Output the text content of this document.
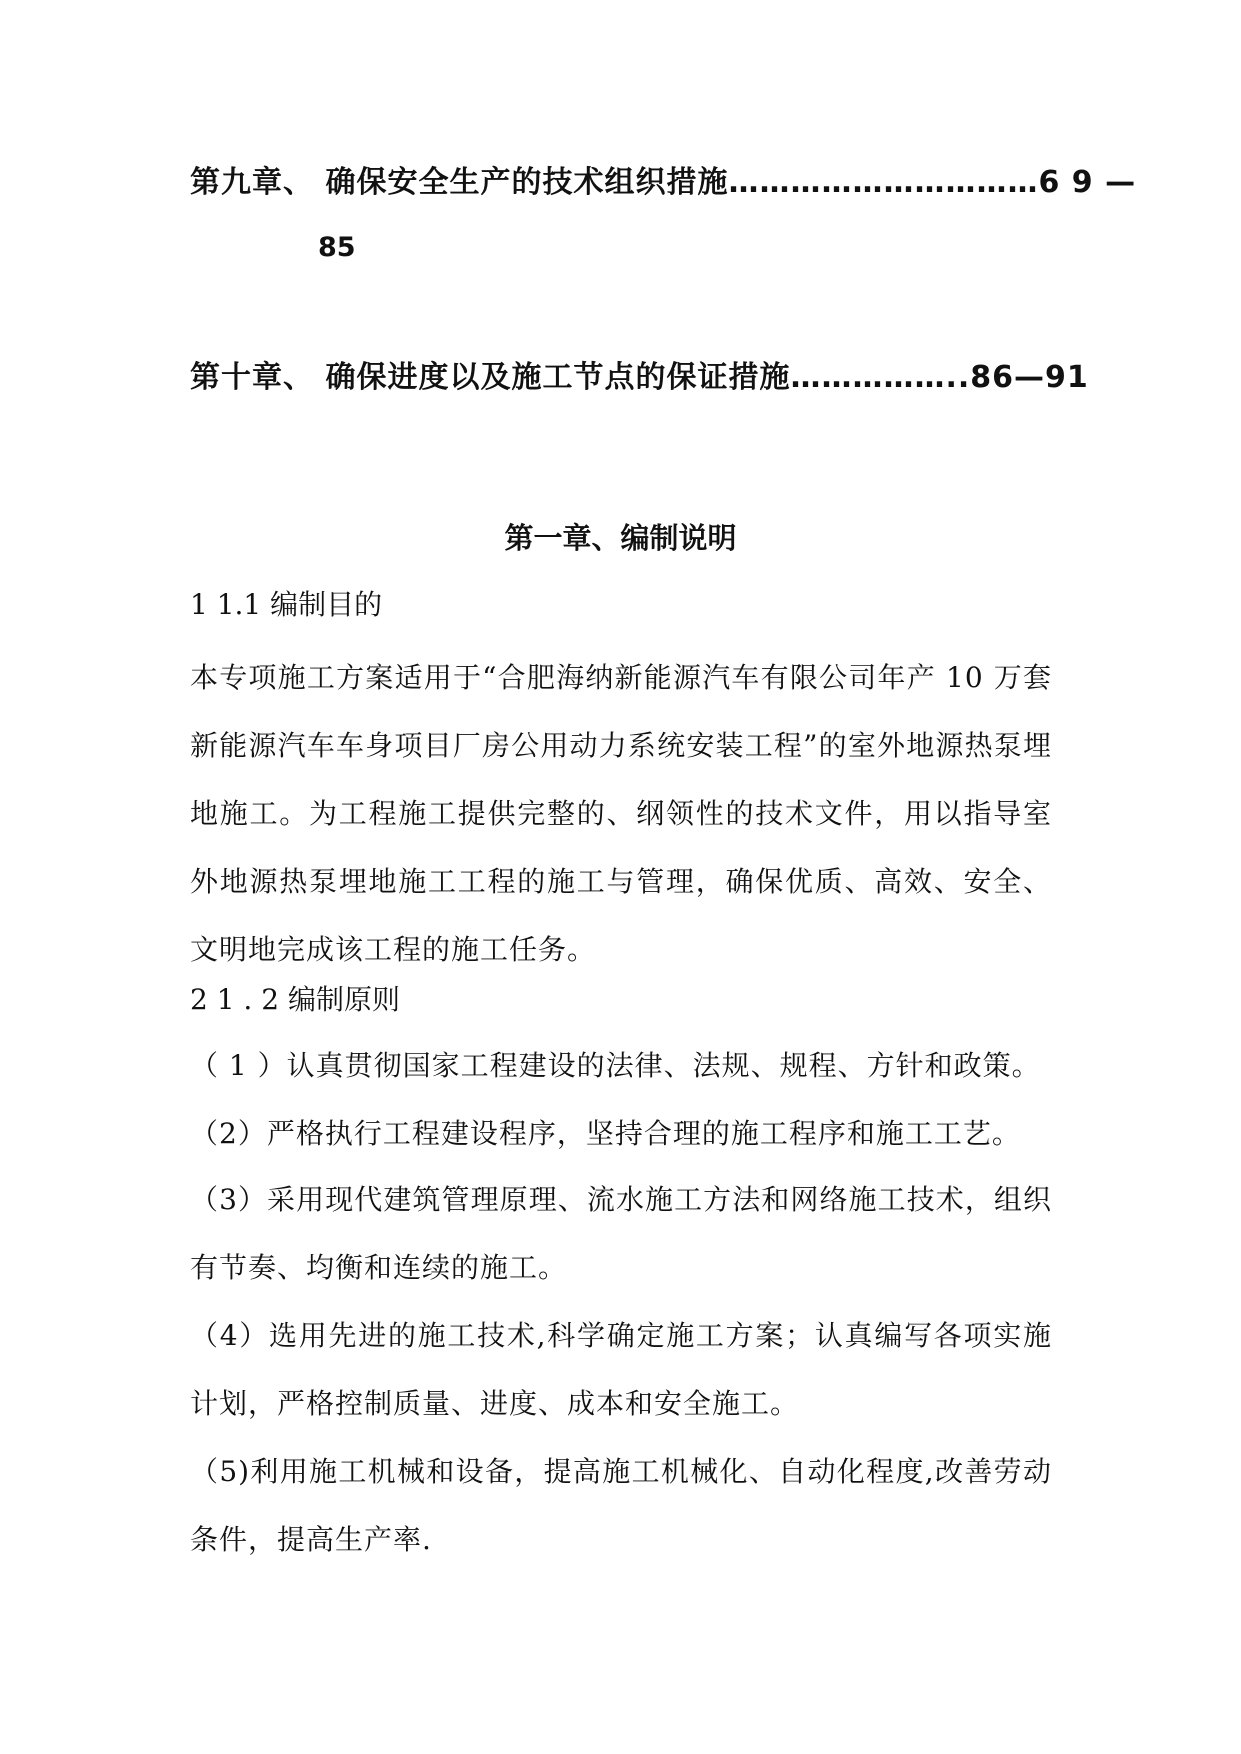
第九章、 确保安全生产的技术组织措施…………………………6 9 —
85
第十章、 确保进度以及施工节点的保证措施……………..86—91
第一章、编制说明
1 1.1 编制目的
本专项施工方案适用于“合肥海纳新能源汽车有限公司年产 10 万套新能源汽车车身项目厂房公用动力系统安装工程”的室外地源热泵埋地施工。为工程施工提供完整的、纲领性的技术文件，用以指导室外地源热泵埋地施工工程的施工与管理，确保优质、高效、安全、文明地完成该工程的施工任务。
2 1 . 2 编制原则
（ 1 ）认真贯彻国家工程建设的法律、法规、规程、方针和政策。
（2）严格执行工程建设程序，坚持合理的施工程序和施工工艺。
（3）采用现代建筑管理原理、流水施工方法和网络施工技术，组织有节奏、均衡和连续的施工。
（4）选用先进的施工技术,科学确定施工方案；认真编写各项实施计划，严格控制质量、进度、成本和安全施工。
（5)利用施工机械和设备，提高施工机械化、自动化程度,改善劳动条件，提高生产率.
